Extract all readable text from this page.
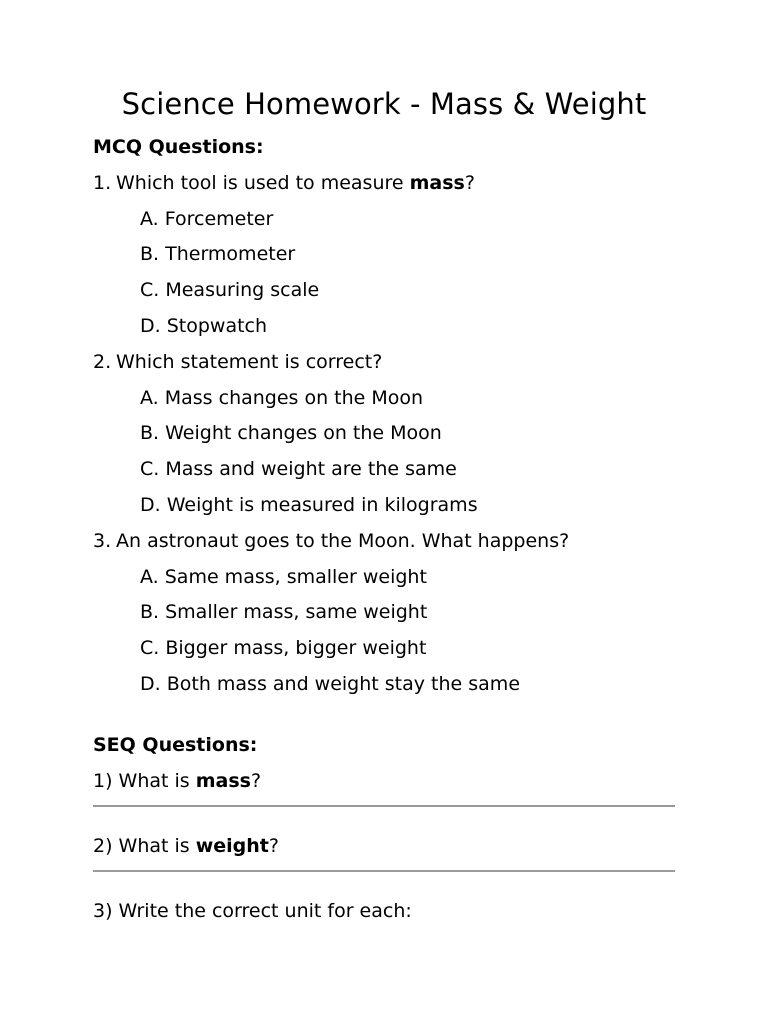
Science Homework - Mass & Weight
MCQ Questions:
1. Which tool is used to measure mass?
A. Forcemeter
B. Thermometer
C. Measuring scale
D. Stopwatch
2. Which statement is correct?
A. Mass changes on the Moon
B. Weight changes on the Moon
C. Mass and weight are the same
D. Weight is measured in kilograms
3. An astronaut goes to the Moon. What happens?
A. Same mass, smaller weight
B. Smaller mass, same weight
C. Bigger mass, bigger weight
D. Both mass and weight stay the same
SEQ Questions:
1) What is mass?
2) What is weight?
3) Write the correct unit for each:
